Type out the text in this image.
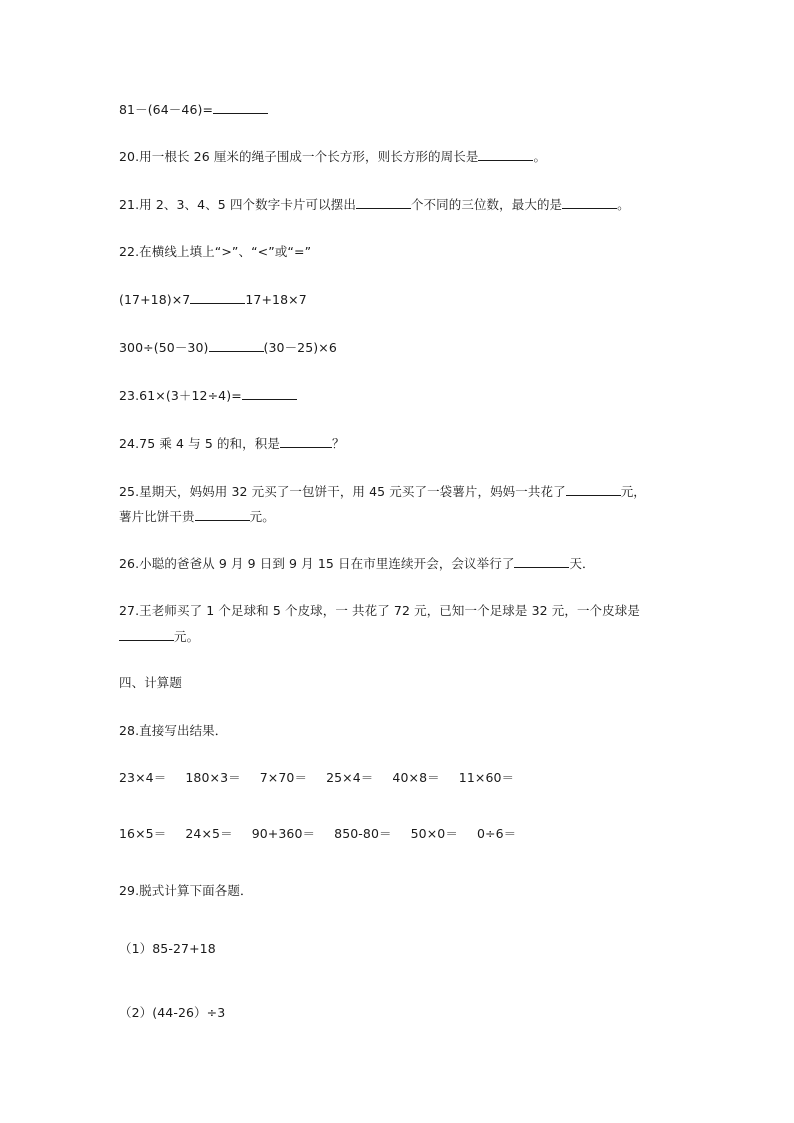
81－(64－46)=
20.用一根长 26 厘米的绳子围成一个长方形，则长方形的周长是	。
21.用 2、3、4、5 四个数字卡片可以摆出	个不同的三位数，最大的是	。
22.在横线上填上“>”、“<”或“=”
(17+18)×7	17+18×7
300÷(50－30)	(30－25)×6
23.61×(3＋12÷4)=
24.75 乘 4 与 5 的和，积是	？
25.星期天，妈妈用 32 元买了一包饼干，用 45 元买了一袋薯片，妈妈一共花了	元，
薯片比饼干贵	元。
26.小聪的爸爸从 9 月 9 日到 9 月 15 日在市里连续开会，会议举行了	天．
27.王老师买了 1 个足球和 5 个皮球，一 共花了 72 元，已知一个足球是 32 元，一个皮球是
元。
四、计算题
28.直接写出结果．
23×4＝ 180×3＝ 7×70＝ 25×4＝ 40×8＝ 11×60＝
16×5＝ 24×5＝ 90+360＝ 850-80＝ 50×0＝ 0÷6＝
29.脱式计算下面各题．
（1）85-27+18
（2）(44-26）÷3
